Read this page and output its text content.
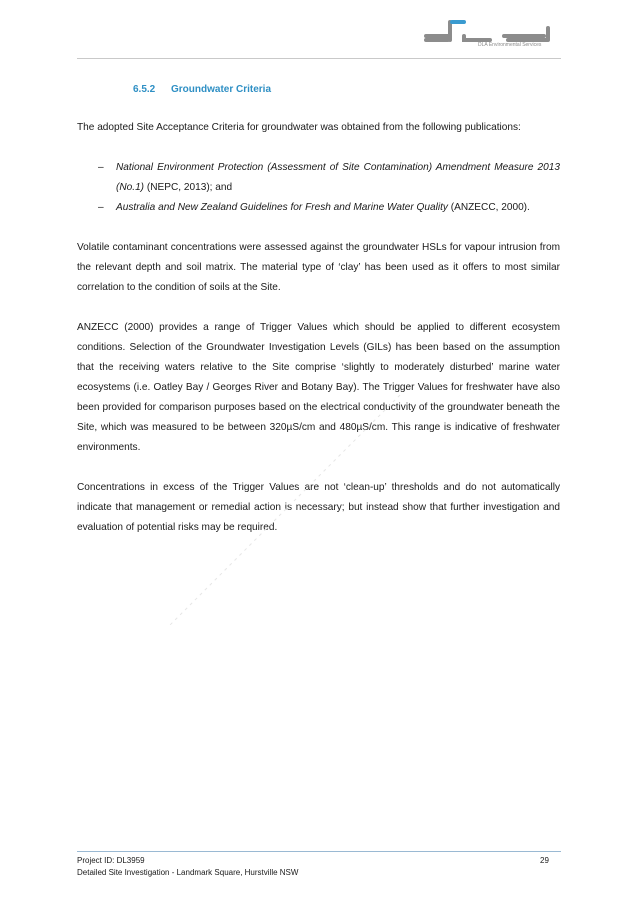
DLA Environmental Services
6.5.2 Groundwater Criteria

The adopted Site Acceptance Criteria for groundwater was obtained from the following publications:

– National Environment Protection (Assessment of Site Contamination) Amendment Measure 2013 (No.1) (NEPC, 2013); and
– Australia and New Zealand Guidelines for Fresh and Marine Water Quality (ANZECC, 2000).

Volatile contaminant concentrations were assessed against the groundwater HSLs for vapour intrusion from the relevant depth and soil matrix. The material type of ‘clay’ has been used as it offers to most similar correlation to the condition of soils at the Site.

ANZECC (2000) provides a range of Trigger Values which should be applied to different ecosystem conditions. Selection of the Groundwater Investigation Levels (GILs) has been based on the assumption that the receiving waters relative to the Site comprise ‘slightly to moderately disturbed’ marine water ecosystems (i.e. Oatley Bay / Georges River and Botany Bay). The Trigger Values for freshwater have also been provided for comparison purposes based on the electrical conductivity of the groundwater beneath the Site, which was measured to be between 320µS/cm and 480µS/cm. This range is indicative of freshwater environments.

Concentrations in excess of the Trigger Values are not ‘clean-up’ thresholds and do not automatically indicate that management or remedial action is necessary; but instead show that further investigation and evaluation of potential risks may be required.

Project ID: DL3959
Detailed Site Investigation - Landmark Square, Hurstville NSW
29
